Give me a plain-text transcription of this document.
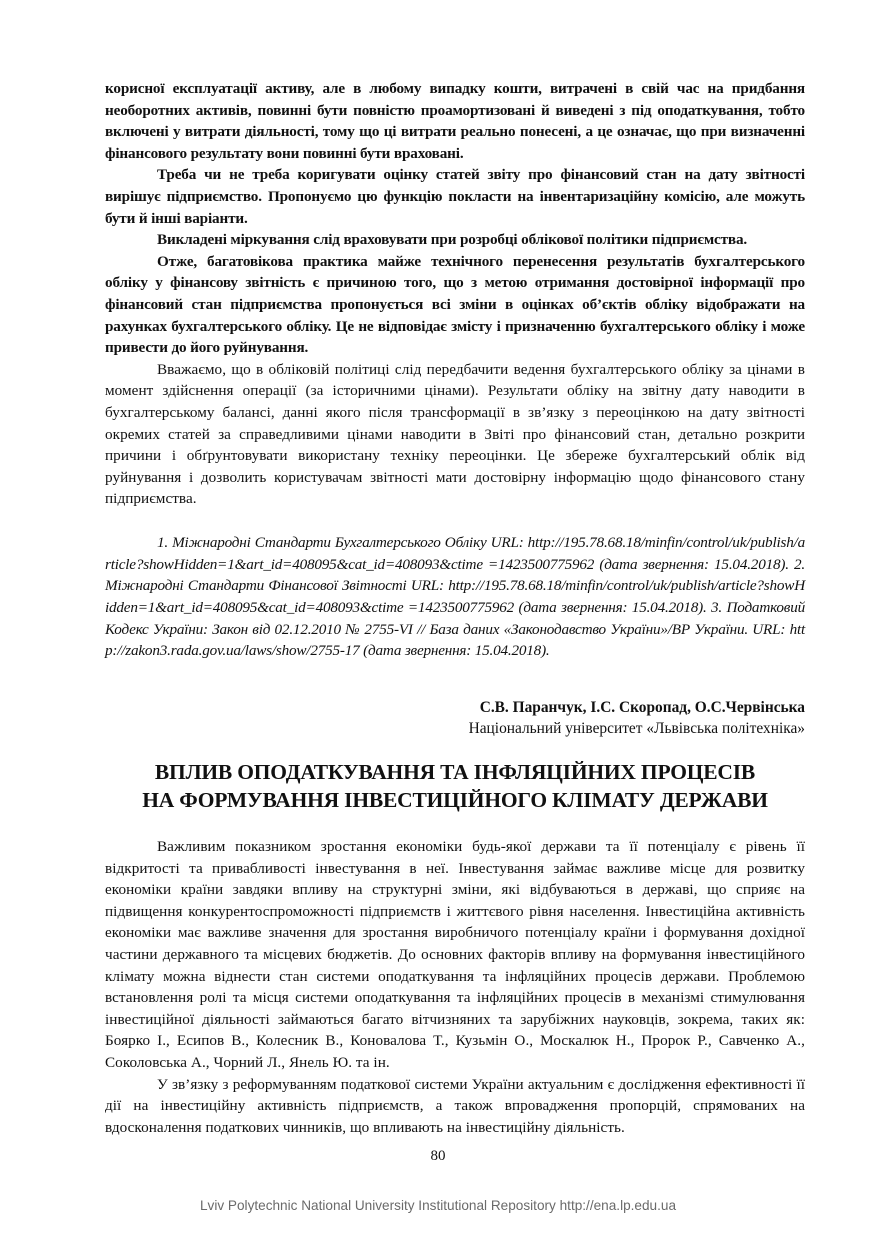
корисної експлуатації активу, але в любому випадку кошти, витрачені в свій час на придбання необоротних активів, повинні бути повністю проамортизовані й виведені з під оподаткування, тобто включені у витрати діяльності, тому що ці витрати реально понесені, а це означає, що при визначенні фінансового результату вони повинні бути враховані.

Треба чи не треба коригувати оцінку статей звіту про фінансовий стан на дату звітності вирішує підприємство. Пропонуємо цю функцію покласти на інвентаризаційну комісію, але можуть бути й інші варіанти.

Викладені міркування слід враховувати при розробці облікової політики підприємства.

Отже, багатовікова практика майже технічного перенесення результатів бухгалтерського обліку у фінансову звітність є причиною того, що з метою отримання достовірної інформації про фінансовий стан підприємства пропонується всі зміни в оцінках об’єктів обліку відображати на рахунках бухгалтерського обліку. Це не відповідає змісту і призначенню бухгалтерського обліку і може привести до його руйнування.

Вважаємо, що в обліковій політиці слід передбачити ведення бухгалтерського обліку за цінами в момент здійснення операції (за історичними цінами). Результати обліку на звітну дату наводити в бухгалтерському балансі, данні якого після трансформації в зв’язку з переоцінкою на дату звітності окремих статей за справедливими цінами наводити в Звіті про фінансовий стан, детально розкрити причини і обґрунтовувати використану техніку переоцінки. Це збереже бухгалтерський облік від руйнування і дозволить користувачам звітності мати достовірну інформацію щодо фінансового стану підприємства.

1. Міжнародні Стандарти Бухгалтерського Обліку URL: http://195.78.68.18/minfin/control/uk/publish/article?showHidden=1&art_id=408095&cat_id=408093&ctime =1423500775962 (дата звернення: 15.04.2018). 2. Міжнародні Стандарти Фінансової Звітності URL: http://195.78.68.18/minfin/control/uk/publish/article?showHidden=1&art_id=408095&cat_id=408093&ctime =1423500775962 (дата звернення: 15.04.2018). 3. Податковий Кодекс України: Закон від 02.12.2010 № 2755-VI // База даних «Законодавство України»/ВР України. URL: http://zakon3.rada.gov.ua/laws/show/2755-17 (дата звернення: 15.04.2018).

С.В. Паранчук, І.С. Скоропад, О.С.Червінська
Національний університет «Львівська політехніка»
ВПЛИВ ОПОДАТКУВАННЯ ТА ІНФЛЯЦІЙНИХ ПРОЦЕСІВ
НА ФОРМУВАННЯ ІНВЕСТИЦІЙНОГО КЛІМАТУ ДЕРЖАВИ

Важливим показником зростання економіки будь-якої держави та її потенціалу є рівень її відкритості та привабливості інвестування в неї. Інвестування займає важливе місце для розвитку економіки країни завдяки впливу на структурні зміни, які відбуваються в державі, що сприяє на підвищення конкурентоспроможності підприємств і життєвого рівня населення. Інвестиційна активність економіки має важливе значення для зростання виробничого потенціалу країни і формування дохідної частини державного та місцевих бюджетів. До основних факторів впливу на формування інвестиційного клімату можна віднести стан системи оподаткування та інфляційних процесів держави. Проблемою встановлення ролі та місця системи оподаткування та інфляційних процесів в механізмі стимулювання інвестиційної діяльності займаються багато вітчизняних та зарубіжних науковців, зокрема, таких як: Боярко І., Есипов В., Колесник В., Коновалова Т., Кузьмін О., Москалюк Н., Пророк Р., Савченко А., Соколовська А., Чорний Л., Янель Ю. та ін.

У зв’язку з реформуванням податкової системи України актуальним є дослідження ефективності її дії на інвестиційну активність підприємств, а також впровадження пропорцій, спрямованих на вдосконалення податкових чинників, що впливають на інвестиційну діяльність.

80
Lviv Polytechnic National University Institutional Repository http://ena.lp.edu.ua
